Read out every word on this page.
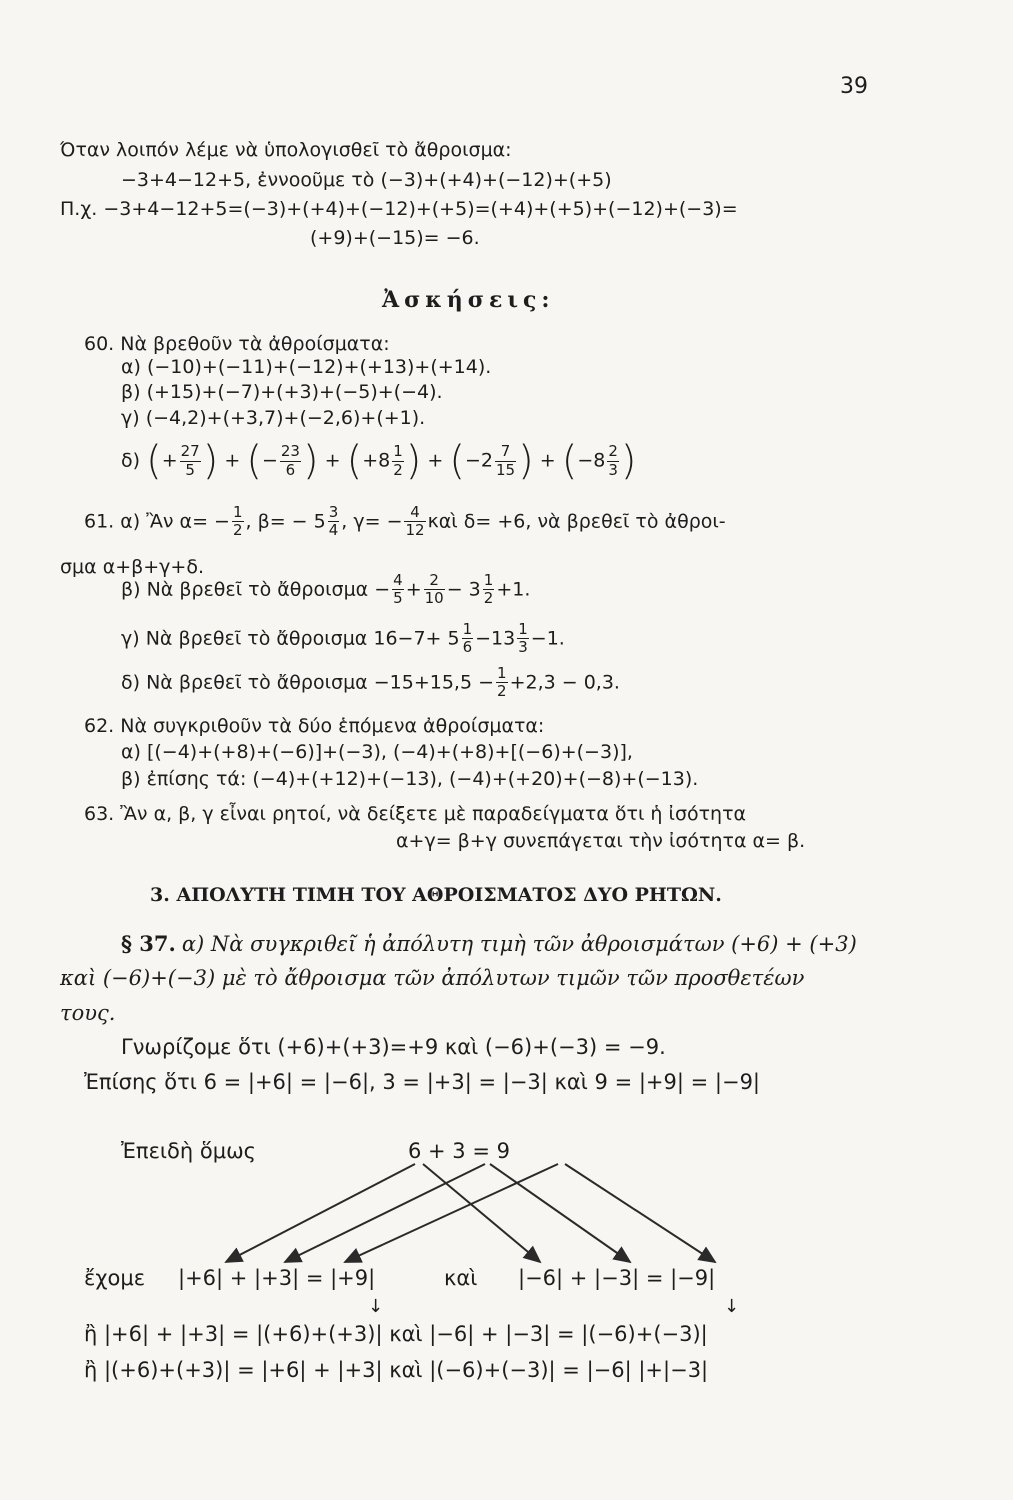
39
Όταν λοιπόν λέμε νὰ ὑπολογισθεῖ τὸ ἄθροισμα:
−3+4−12+5, ἐννοοῦμε τὸ (−3)+(+4)+(−12)+(+5)
Π.χ. −3+4−12+5=(−3)+(+4)+(−12)+(+5)=(+4)+(+5)+(−12)+(−3)=
(+9)+(−15)= −6.
Ἀσκήσεις:
60. Νὰ βρεθοῦν τὰ ἀθροίσματα:
α) (−10)+(−11)+(−12)+(+13)+(+14).
β) (+15)+(−7)+(+3)+(−5)+(−4).
γ) (−4,2)+(+3,7)+(−2,6)+(+1).
δ) (+ $\frac{27}{5}$ ) + (− $\frac{23}{6}$ ) + ($+8 \frac{1}{2}$ ) + ($-2 \frac{7}{15}$ ) + ($-8 \frac{2}{3}$ )
61. α) Ἂν $\alpha= - \frac{1}{2}$ , $\beta= - 5 \frac{3}{4}$ , $\gamma= - \frac{4}{12}$ καὶ δ= +6, νὰ βρεθεῖ τὸ ἀθροι-
σμα α+β+γ+δ.
β) Νὰ βρεθεῖ τὸ ἄθροισμα − $\frac{4}{5} + \frac{2}{10} - 3 \frac{1}{2} +1$.
γ) Νὰ βρεθεῖ τὸ ἄθροισμα $16-7+ 5 \frac{1}{6} -13 \frac{1}{3} -1$.
δ) Νὰ βρεθεῖ τὸ ἄθροισμα $-15+15,5 - \frac{1}{2} +2,3 - 0,3$.
62. Νὰ συγκριθοῦν τὰ δύο ἑπόμενα ἀθροίσματα:
α) [(−4)+(+8)+(−6)]+(−3), (−4)+(+8)+[(−6)+(−3)],
β) ἐπίσης τά: (−4)+(+12)+(−13), (−4)+(+20)+(−8)+(−13).
63. Ἂν α, β, γ εἶναι ρητοί, νὰ δείξετε μὲ παραδείγματα ὅτι ἡ ἰσότητα
α+γ= β+γ συνεπάγεται τὴν ἰσότητα α= β.
3. ΑΠΟΛΥΤΗ ΤΙΜΗ ΤΟΥ ΑΘΡΟΙΣΜΑΤΟΣ ΔΥΟ ΡΗΤΩΝ.
§ 37. α) Νὰ συγκριθεῖ ἡ ἀπόλυτη τιμὴ τῶν ἀθροισμάτων (+6) + (+3)
καὶ (−6)+(−3) μὲ τὸ ἄθροισμα τῶν ἀπόλυτων τιμῶν τῶν προσθετέων
τους.
Γνωρίζομε ὅτι (+6)+(+3)=+9 καὶ (−6)+(−3) = −9.
Ἐπίσης ὅτι 6 = |+6| = |−6|, 3 = |+3| = |−3| καὶ 9 = |+9| = |−9|
Ἐπειδὴ ὅμως	6 + 3 = 9
ἔχομε |+6| + |+3| = |+9|	καὶ |−6| + |−3| = |−9|
↓	↓
ἢ |+6| + |+3| = |(+6)+(+3)| καὶ |−6| + |−3| = |(−6)+(−3)|
ἢ |(+6)+(+3)| = |+6| + |+3| καὶ |(−6)+(−3)| = |−6| |+|−3|
